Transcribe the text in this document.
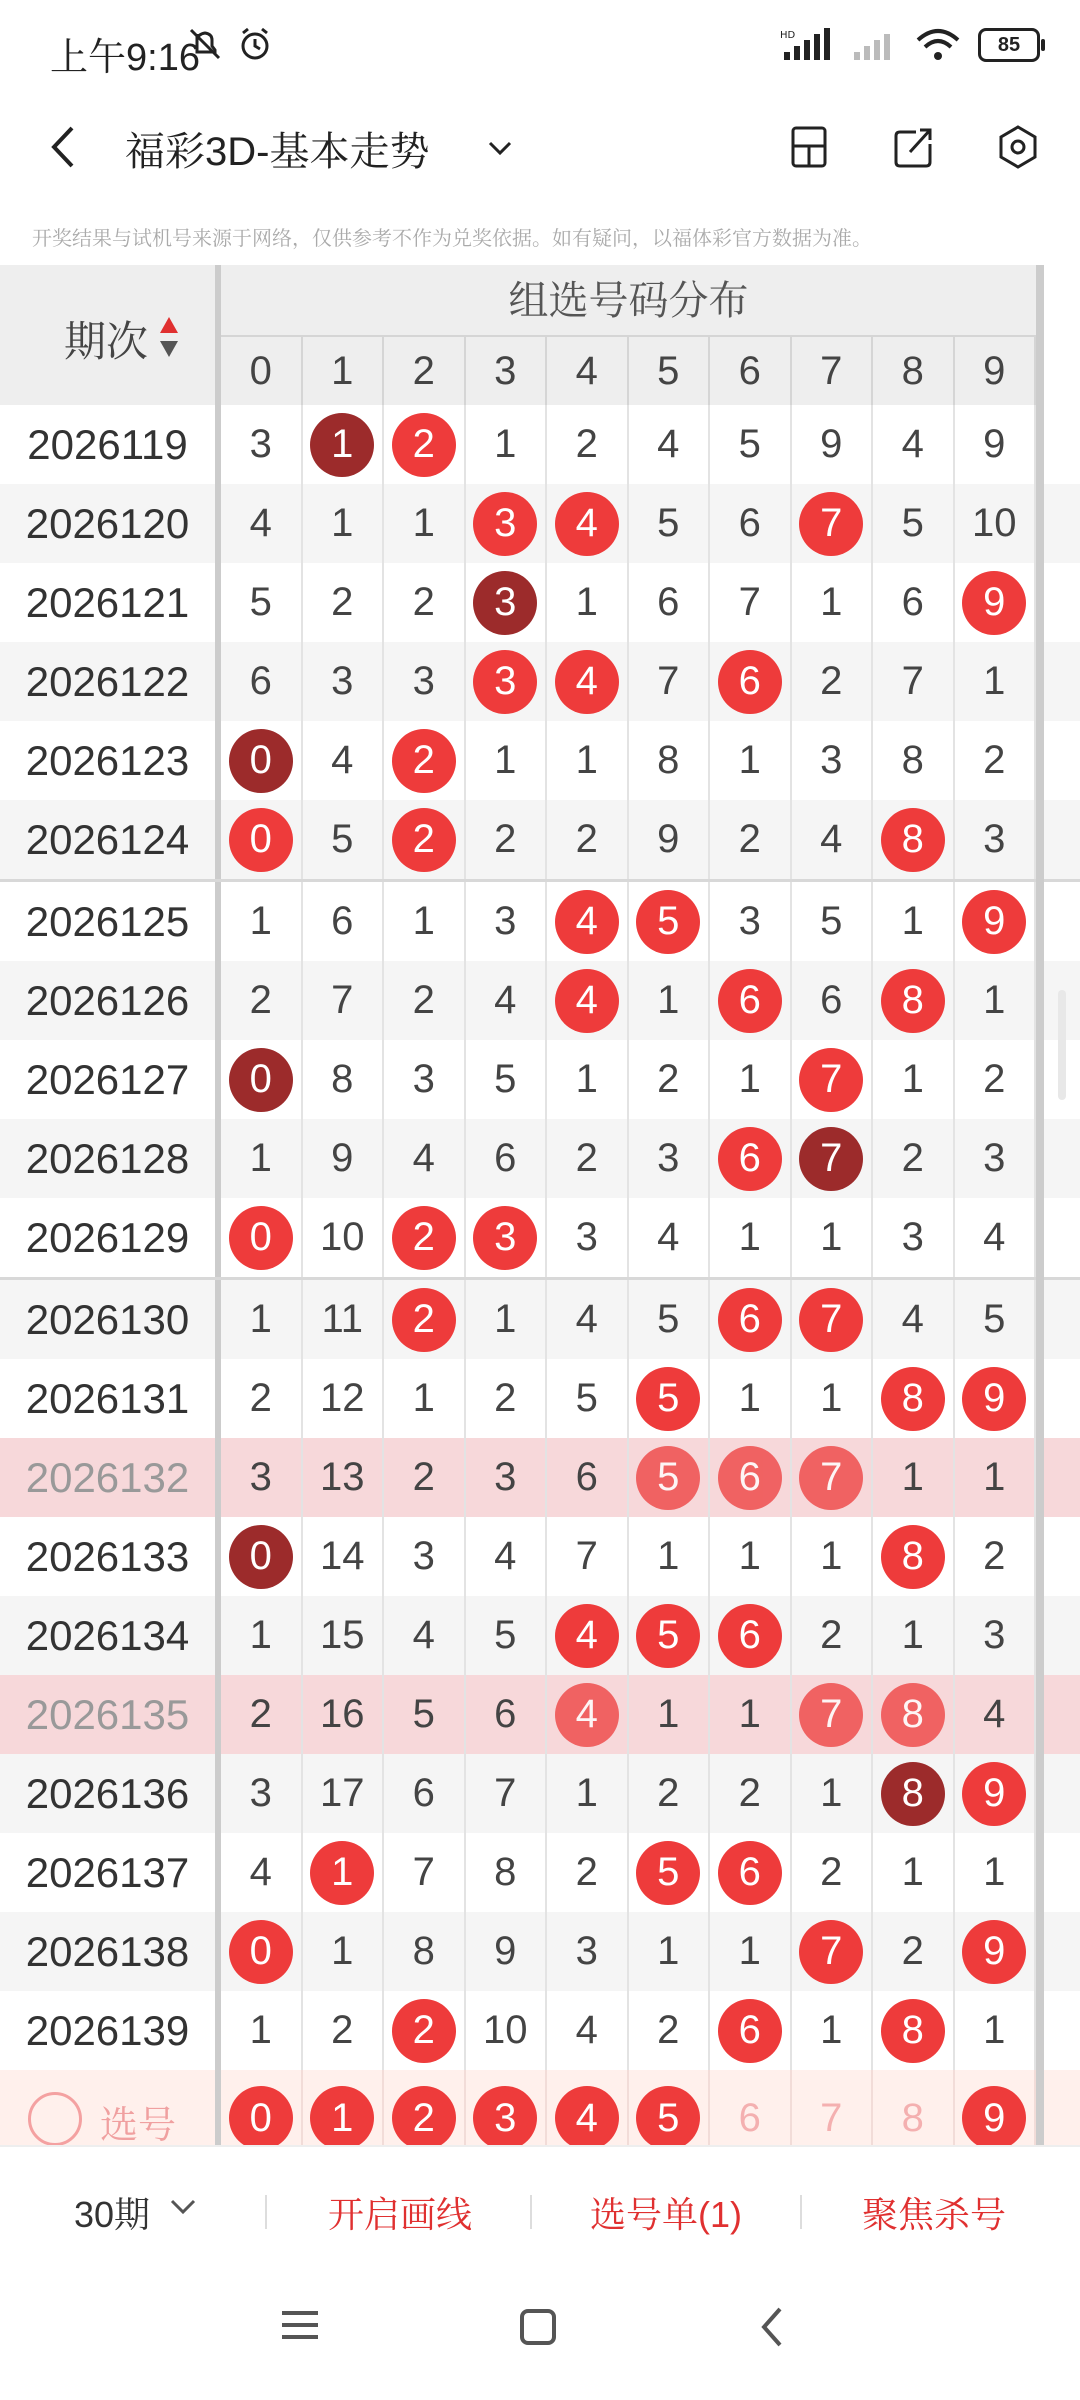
上午9:16
HD	85
福彩3D-基本走势
开奖结果与试机号来源于网络，仅供参考不作为兑奖依据。如有疑问，以福体彩官方数据为准。
期次
组选号码分布
0	1	2	3	4	5	6	7	8	9
2026119	3	1	2	1 2 4 5 9 4 9
2026120	4 1 1	3	4	5 6	7	5 10
2026121	5 2 2	3	1 6 7 1 6	9
2026122	6 3 3	3	4	7	6	2 7 1
2026123	0	4	2	1 1 8 1 3 8 2
2026124	0	5	2	2 2 9 2 4	8	3
2026125	1 6 1 3	4	5	3 5 1	9
2026126	2 7 2 4	4	1	6	6	8	1
2026127	0	8 3 5 1 2 1	7	1 2
2026128	1 9 4 6 2 3	6	7	2 3
2026129	0	10	2	3	3 4 1 1 3 4
2026130	1 11	2	1 4 5	6	7	4 5
2026131	2 12 1 2 5	5	1 1	8	9
2026132	3 13 2 3 6	5	6	7	1 1
2026133	0	14 3 4 7 1 1 1	8	2
2026134	1 15 4 5	4	5	6	2 1 3
2026135	2 16 5 6	4	1 1	7	8	4
2026136	3 17 6 7 1 2 2 1	8	9
2026137	4	1	7 8 2	5	6	2 1 1
2026138	0	1 8 9 3 1 1	7	2	9
2026139	1 2	2	10 4 2	6	1	8	1
选号	0	1	2	3	4	5	6 7 8	9
30期	开启画线	选号单(1)	聚焦杀号
